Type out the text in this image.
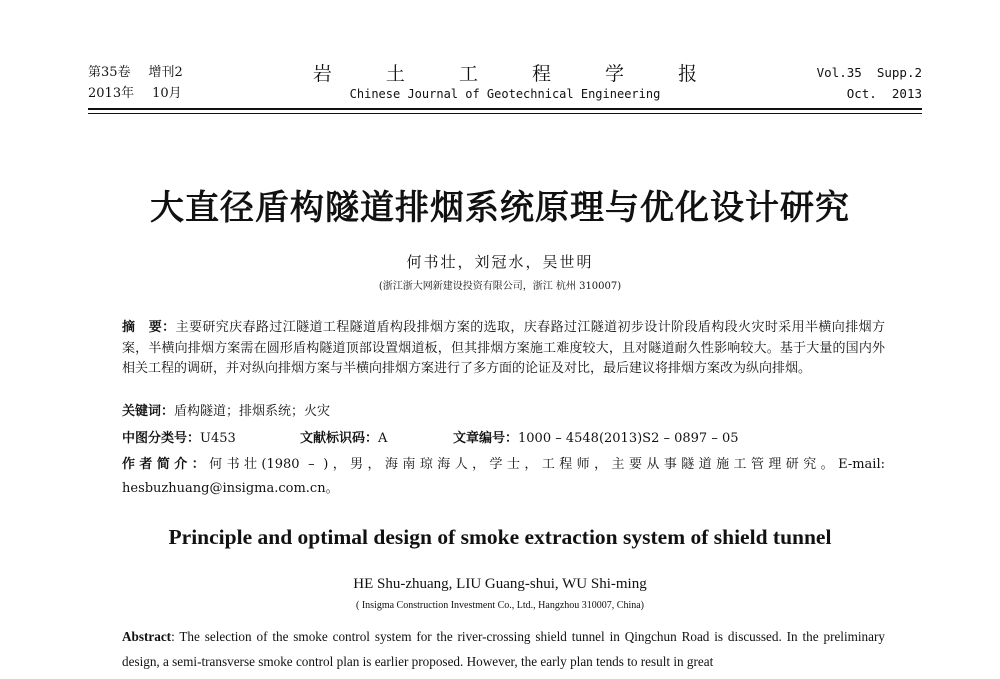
第35卷 增刊2
2013年 10月
岩 土 工 程 学 报
Chinese Journal of Geotechnical Engineering
Vol.35 Supp.2
Oct. 2013
大直径盾构隧道排烟系统原理与优化设计研究
何书壮，刘冠水，吴世明
(浙江浙大网新建设投资有限公司，浙江 杭州 310007)
摘　要：主要研究庆春路过江隧道工程隧道盾构段排烟方案的选取，庆春路过江隧道初步设计阶段盾构段火灾时采用半横向排烟方案，半横向排烟方案需在圆形盾构隧道顶部设置烟道板，但其排烟方案施工难度较大，且对隧道耐久性影响较大。基于大量的国内外相关工程的调研，并对纵向排烟方案与半横向排烟方案进行了多方面的论证及对比，最后建议将排烟方案改为纵向排烟。
关键词：盾构隧道；排烟系统；火灾
中图分类号：U453	文献标识码：A	文章编号：1000 – 4548(2013)S2 – 0897 – 05
作者简介：何书壮(1980 – )，男，海南琼海人，学士，工程师，主要从事隧道施工管理研究。E-mail: hesbuzhuang@insigma.com.cn。
Principle and optimal design of smoke extraction system of shield tunnel
HE Shu-zhuang, LIU Guang-shui, WU Shi-ming
( Insigma Construction Investment Co., Ltd., Hangzhou 310007, China)
Abstract: The selection of the smoke control system for the river-crossing shield tunnel in Qingchun Road is discussed. In the preliminary design, a semi-transverse smoke control plan is earlier proposed. However, the early plan tends to result in great
